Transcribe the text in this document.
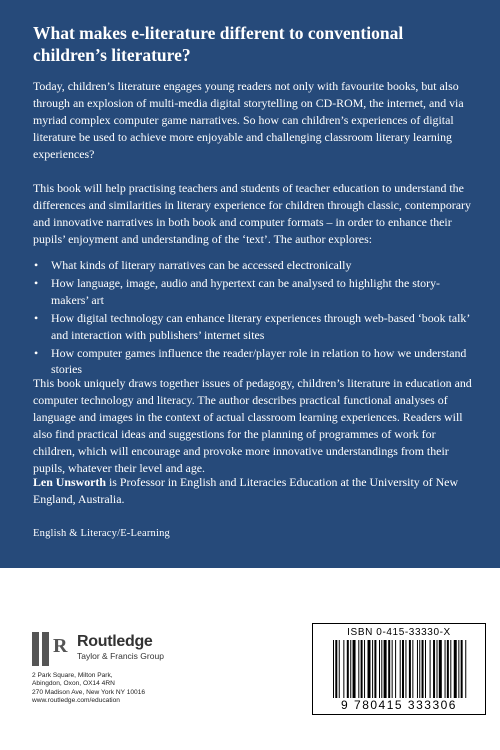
What makes e-literature different to conventional children’s literature?
Today, children’s literature engages young readers not only with favourite books, but also through an explosion of multi-media digital storytelling on CD-ROM, the internet, and via myriad complex computer game narratives. So how can children’s experiences of digital literature be used to achieve more enjoyable and challenging classroom literary learning experiences?
This book will help practising teachers and students of teacher education to understand the differences and similarities in literary experience for children through classic, contemporary and innovative narratives in both book and computer formats – in order to enhance their pupils’ enjoyment and understanding of the ‘text’. The author explores:
• What kinds of literary narratives can be accessed electronically
• How language, image, audio and hypertext can be analysed to highlight the story-makers’ art
• How digital technology can enhance literary experiences through web-based ‘book talk’ and interaction with publishers’ internet sites
• How computer games influence the reader/player role in relation to how we understand stories
This book uniquely draws together issues of pedagogy, children’s literature in education and computer technology and literacy. The author describes practical functional analyses of language and images in the context of actual classroom learning experiences. Readers will also find practical ideas and suggestions for the planning of programmes of work for children, which will encourage and provoke more innovative understandings from their pupils, whatever their level and age.
Len Unsworth is Professor in English and Literacies Education at the University of New England, Australia.
English & Literacy/E-Learning
R Routledge
Taylor & Francis Group
2 Park Square, Milton Park,
Abingdon, Oxon, OX14 4RN
270 Madison Ave, New York NY 10016
www.routledge.com/education
ISBN 0-415-33330-X
9 780415 333306
